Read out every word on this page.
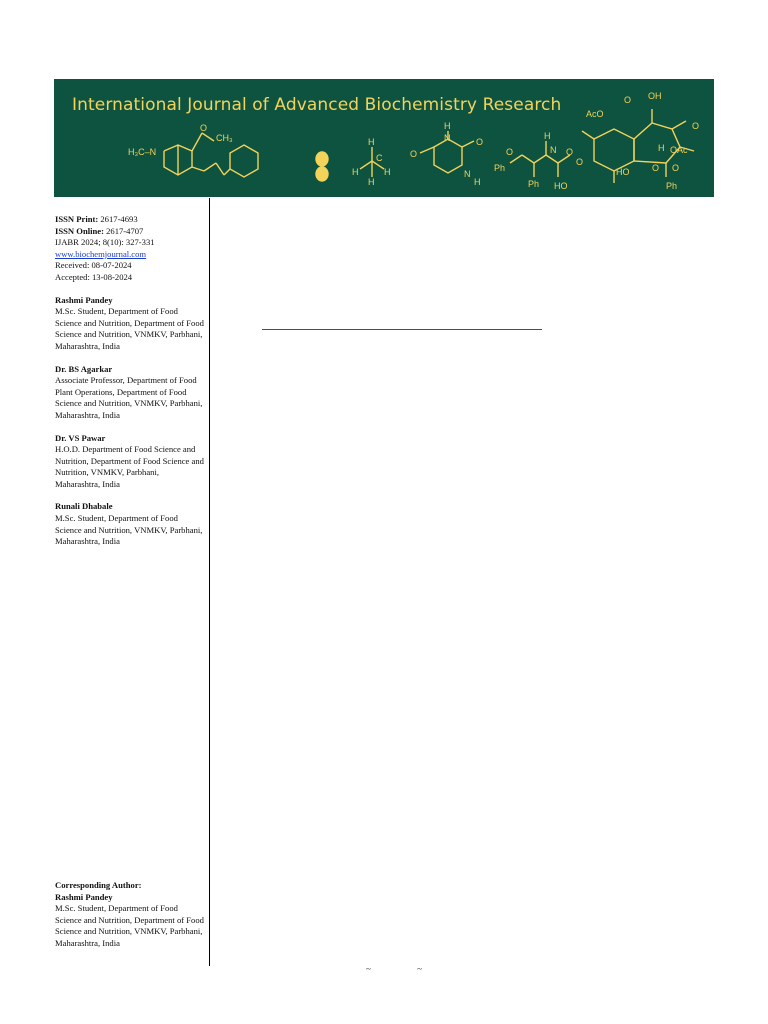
H₃C–N
O
CH₃	H
H
C
H
H
H
N
O
O
N
H
Ph
H
N
O
Ph
O
O
HO
AcO
O OH
O
H OAc
HO	O O
Ph
International Journal of Advanced Biochemistry Research

ISSN Print: 2617-4693

ISSN Online: 2617-4707

IJABR 2024; 8(10): 327-331

www.biochemjournal.com

Received: 08-07-2024

Accepted: 13-08-2024

Rashmi Pandey

M.Sc. Student, Department of Food Science and Nutrition, Department of Food Science and Nutrition, VNMKV, Parbhani, Maharashtra, India

Dr. BS Agarkar

Associate Professor, Department of Food Plant Operations, Department of Food Science and Nutrition, VNMKV, Parbhani, Maharashtra, India

Dr. VS Pawar

H.O.D. Department of Food Science and Nutrition, Department of Food Science and Nutrition, VNMKV, Parbhani, Maharashtra, India

Runali Dhabale

M.Sc. Student, Department of Food Science and Nutrition, VNMKV, Parbhani, Maharashtra, India

Corresponding Author:

Rashmi Pandey

M.Sc. Student, Department of Food Science and Nutrition, Department of Food Science and Nutrition, VNMKV, Parbhani, Maharashtra, India

~ ~
